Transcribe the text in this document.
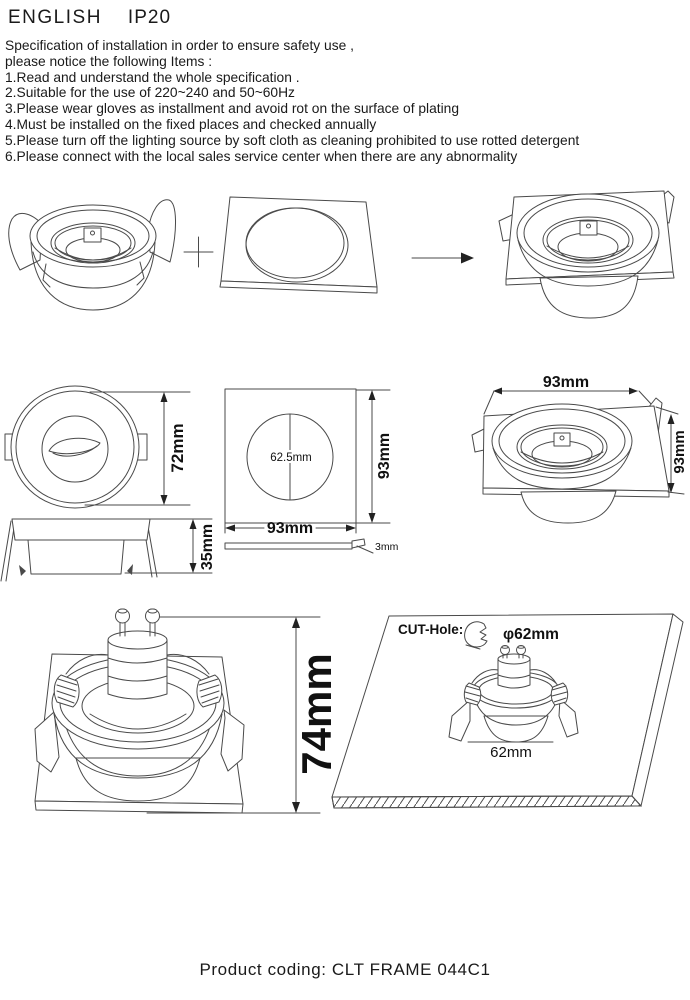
ENGLISH IP20
Specification of installation in order to ensure safety use ,
please notice the following Items :
1.Read and understand the whole specification .
2.Suitable for the use of 220~240 and 50~60Hz
3.Please wear gloves as installment and avoid rot on the surface of plating
4.Must be installed on the fixed places and checked annually
5.Please turn off the lighting source by soft cloth as cleaning prohibited to use rotted detergent
6.Please connect with the local sales service center when there are any abnormality
72mm
35mm
62.5mm
93mm
93mm
3mm
93mm
93mm
74mm
CUT-Hole:	φ62mm
62mm
Product coding: CLT FRAME 044C1
